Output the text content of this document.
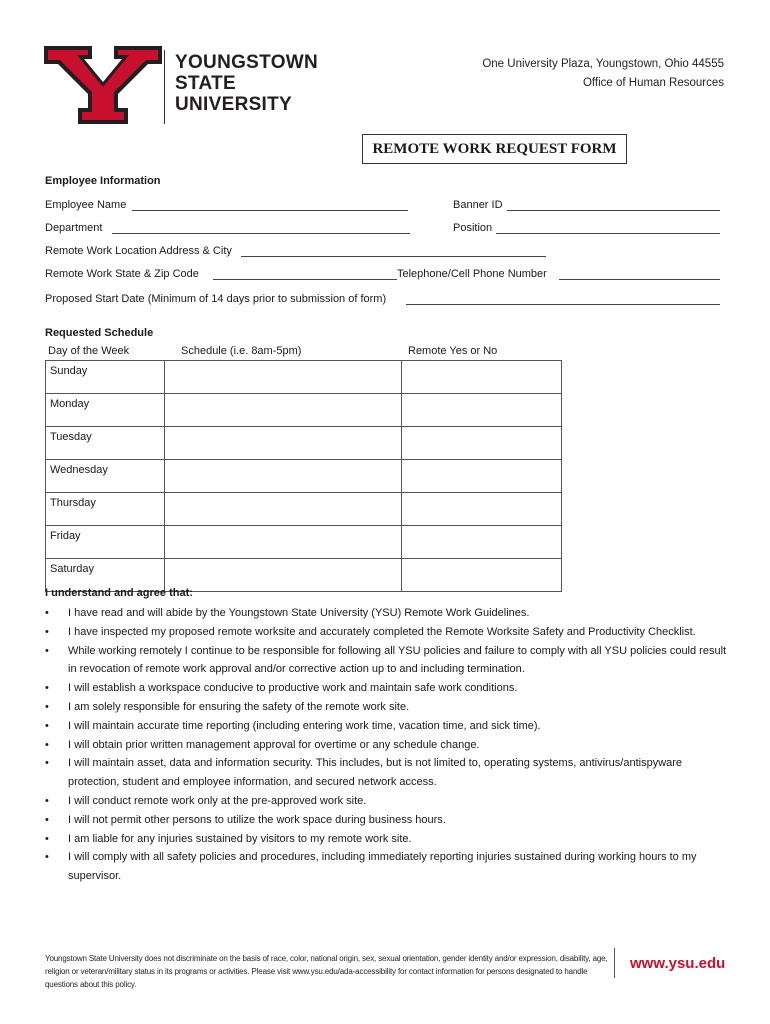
YOUNGSTOWN
STATE
UNIVERSITY
One University Plaza, Youngstown, Ohio 44555
Office of Human Resources
REMOTE WORK REQUEST FORM
Employee Information
Employee Name	Banner ID
Department	Position
Remote Work Location Address & City
Remote Work State & Zip Code	Telephone/Cell Phone Number
Proposed Start Date (Minimum of 14 days prior to submission of form)
Requested Schedule
Day of the Week	Schedule (i.e. 8am-5pm)	Remote Yes or No
Sunday		
Monday		
Tuesday		
Wednesday		
Thursday		
Friday		
Saturday		
I understand and agree that:
• I have read and will abide by the Youngstown State University (YSU) Remote Work Guidelines.
• I have inspected my proposed remote worksite and accurately completed the Remote Worksite Safety and Productivity Checklist.
• While working remotely I continue to be responsible for following all YSU policies and failure to comply with all YSU policies could result in revocation of remote work approval and/or corrective action up to and including termination.
• I will establish a workspace conducive to productive work and maintain safe work conditions.
• I am solely responsible for ensuring the safety of the remote work site.
• I will maintain accurate time reporting (including entering work time, vacation time, and sick time).
• I will obtain prior written management approval for overtime or any schedule change.
• I will maintain asset, data and information security. This includes, but is not limited to, operating systems, antivirus/antispyware protection, student and employee information, and secured network access.
• I will conduct remote work only at the pre-approved work site.
• I will not permit other persons to utilize the work space during business hours.
• I am liable for any injuries sustained by visitors to my remote work site.
• I will comply with all safety policies and procedures, including immediately reporting injuries sustained during working hours to my supervisor.
Youngstown State University does not discriminate on the basis of race, color, national origin, sex, sexual orientation, gender identity and/or expression, disability, age, religion or veteran/military status in its programs or activities. Please visit www.ysu.edu/ada-accessibility for contact information for persons designated to handle questions about this policy.
www.ysu.edu
